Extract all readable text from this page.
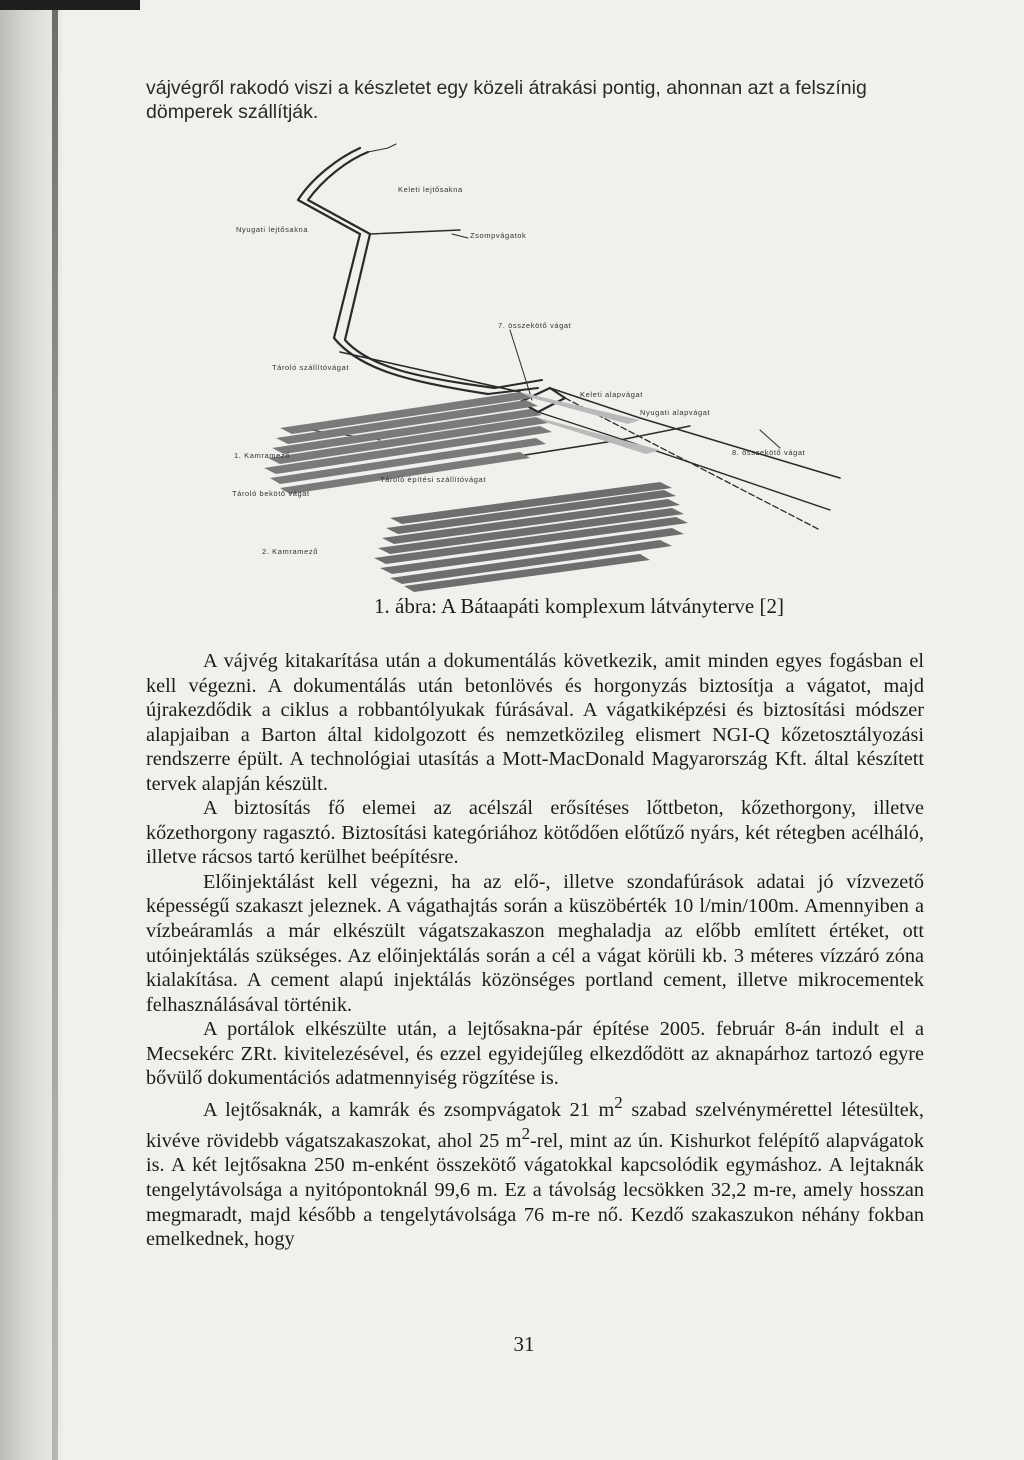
vájvégről rakodó viszi a készletet egy közeli átrakási pontig, ahonnan azt a felszínig dömperek szállítják.
Keleti lejtősakna
Nyugati lejtősakna
Zsompvágatok
7. összekötő vágat
Tároló szállítóvágat
Keleti alapvágat
Nyugati alapvágat
1. Kamramező	8. összekötő vágat
Tároló építési szállítóvágat
Tároló bekötő vágat
2. Kamramező
1. ábra: A Bátaapáti komplexum látványterve [2]

A vájvég kitakarítása után a dokumentálás következik, amit minden egyes fogásban el kell végezni. A dokumentálás után betonlövés és horgonyzás biztosítja a vágatot, majd újrakezdődik a ciklus a robbantólyukak fúrásával. A vágatkiképzési és biztosítási módszer alapjaiban a Barton által kidolgozott és nemzetközileg elismert NGI-Q kőzetosztályozási rendszerre épült. A technológiai utasítás a Mott-MacDonald Magyarország Kft. által készített tervek alapján készült.

A biztosítás fő elemei az acélszál erősítéses lőttbeton, kőzethorgony, illetve kőzethorgony ragasztó. Biztosítási kategóriához kötődően előtűző nyárs, két rétegben acélháló, illetve rácsos tartó kerülhet beépítésre.

Előinjektálást kell végezni, ha az elő-, illetve szondafúrások adatai jó vízvezető képességű szakaszt jeleznek. A vágathajtás során a küszöbérték 10 l/min/100m. Amennyiben a vízbeáramlás a már elkészült vágatszakaszon meghaladja az előbb említett értéket, ott utóinjektálás szükséges. Az előinjektálás során a cél a vágat körüli kb. 3 méteres vízzáró zóna kialakítása. A cement alapú injektálás közönséges portland cement, illetve mikrocementek felhasználásával történik.

A portálok elkészülte után, a lejtősakna-pár építése 2005. február 8-án indult el a Mecsekérc ZRt. kivitelezésével, és ezzel egyidejűleg elkezdődött az aknapárhoz tartozó egyre bővülő dokumentációs adatmennyiség rögzítése is.

A lejtősaknák, a kamrák és zsompvágatok 21 $m^2$ szabad szelvénymérettel létesültek, kivéve rövidebb vágatszakaszokat, ahol 25 $m^2$-rel, mint az ún. Kishurkot felépítő alapvágatok is. A két lejtősakna 250 m-enként összekötő vágatokkal kapcsolódik egymáshoz. A lejtaknák tengelytávolsága a nyitópontoknál 99,6 m. Ez a távolság lecsökken 32,2 m-re, amely hosszan megmaradt, majd később a tengelytávolsága 76 m-re nő. Kezdő szakaszukon néhány fokban emelkednek, hogy

31
